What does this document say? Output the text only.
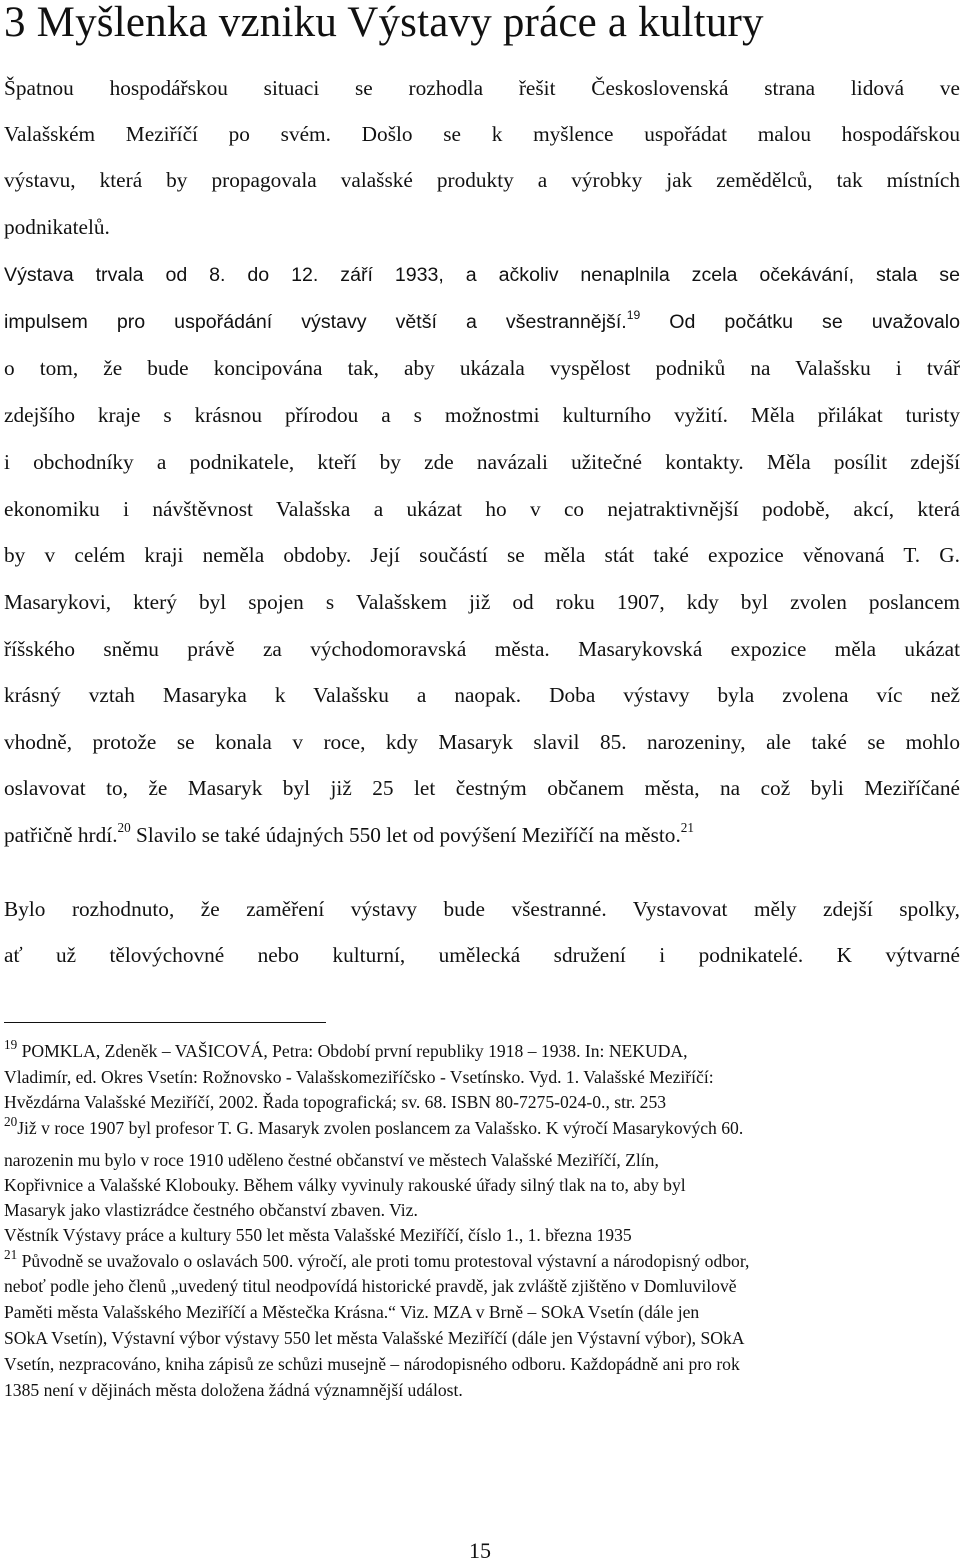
3 Myšlenka vzniku Výstavy práce a kultury

Špatnou hospodářskou situaci se rozhodla řešit Československá strana lidová ve

Valašském Meziříčí po svém. Došlo se k myšlence uspořádat malou hospodářskou

výstavu, která by propagovala valašské produkty a výrobky jak zemědělců, tak místních

podnikatelů.

Výstava trvala od 8. do 12. září 1933, a ačkoliv nenaplnila zcela očekávání, stala se

impulsem pro uspořádání výstavy větší a všestrannější.$^{19}$ Od počátku se uvažovalo

o tom, že bude koncipována tak, aby ukázala vyspělost podniků na Valašsku i tvář

zdejšího kraje s krásnou přírodou a s možnostmi kulturního vyžití. Měla přilákat turisty

i obchodníky a podnikatele, kteří by zde navázali užitečné kontakty. Měla posílit zdejší

ekonomiku i návštěvnost Valašska a ukázat ho v co nejatraktivnější podobě, akcí, která

by v celém kraji neměla obdoby. Její součástí se měla stát také expozice věnovaná T. G.

Masarykovi, který byl spojen s Valašskem již od roku 1907, kdy byl zvolen poslancem

říšského sněmu právě za východomoravská města. Masarykovská expozice měla ukázat

krásný vztah Masaryka k Valašsku a naopak. Doba výstavy byla zvolena víc než

vhodně, protože se konala v roce, kdy Masaryk slavil 85. narozeniny, ale také se mohlo

oslavovat to, že Masaryk byl již 25 let čestným občanem města, na což byli Meziříčané

patřičně hrdí.$^{20}$ Slavilo se také údajných 550 let od povýšení Meziříčí na město.$^{21}$

Bylo rozhodnuto, že zaměření výstavy bude všestranné. Vystavovat měly zdejší spolky,

ať už tělovýchovné nebo kulturní, umělecká sdružení i podnikatelé. K výtvarné

$^{19}$ POMKLA, Zdeněk – VAŠICOVÁ, Petra: Období první republiky 1918 – 1938. In: NEKUDA,

Vladimír, ed. Okres Vsetín: Rožnovsko - Valašskomeziříčsko - Vsetínsko. Vyd. 1. Valašské Meziříčí:

Hvězdárna Valašské Meziříčí, 2002. Řada topografická; sv. 68. ISBN 80-7275-024-0., str. 253

$^{20}$Již v roce 1907 byl profesor T. G. Masaryk zvolen poslancem za Valašsko. K výročí Masarykových 60.

narozenin mu bylo v roce 1910 uděleno čestné občanství ve městech Valašské Meziříčí, Zlín,

Kopřivnice a Valašské Klobouky. Během války vyvinuly rakouské úřady silný tlak na to, aby byl

Masaryk jako vlastizrádce čestného občanství zbaven. Viz.

Věstník Výstavy práce a kultury 550 let města Valašské Meziříčí, číslo 1., 1. března 1935

$^{21}$ Původně se uvažovalo o oslavách 500. výročí, ale proti tomu protestoval výstavní a národopisný odbor,

neboť podle jeho členů „uvedený titul neodpovídá historické pravdě, jak zvláště zjištěno v Domluvilově

Paměti města Valašského Meziříčí a Městečka Krásna.“ Viz. MZA v Brně – SOkA Vsetín (dále jen

SOkA Vsetín), Výstavní výbor výstavy 550 let města Valašské Meziříčí (dále jen Výstavní výbor), SOkA

Vsetín, nezpracováno, kniha zápisů ze schůzi musejně – národopisného odboru. Každopádně ani pro rok

1385 není v dějinách města doložena žádná významnější událost.

15
